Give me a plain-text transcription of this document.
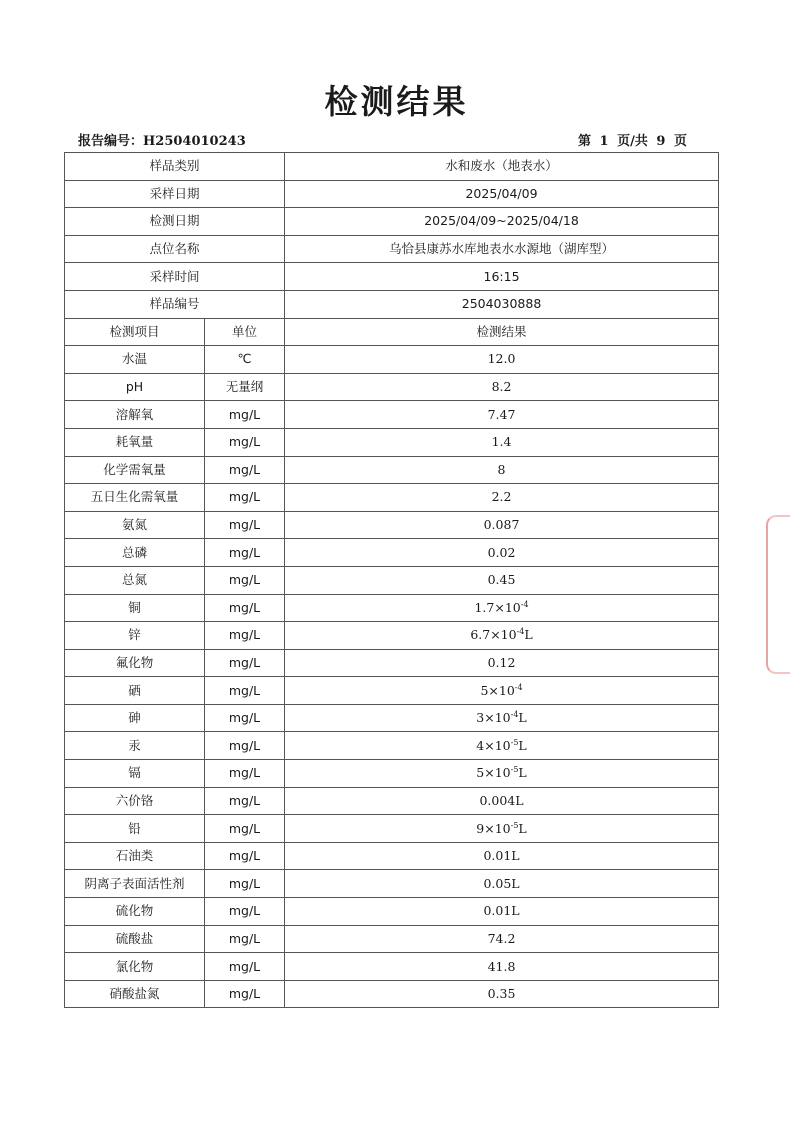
检测结果
报告编号：H2504010243	第 1 页/共 9 页
样品类别		水和废水（地表水）
采样日期		2025/04/09
检测日期		2025/04/09~2025/04/18
点位名称		乌恰县康苏水库地表水水源地（湖库型）
采样时间		16:15
样品编号		2504030888
检测项目	单位	检测结果
水温	℃	12.0
pH	无量纲	8.2
溶解氧	mg/L	7.47
耗氧量	mg/L	1.4
化学需氧量	mg/L	8
五日生化需氧量	mg/L	2.2
氨氮	mg/L	0.087
总磷	mg/L	0.02
总氮	mg/L	0.45
铜	mg/L	$1.7\times 10^{-4}$
锌	mg/L	$6.7\times 10^{-4}L$
氟化物	mg/L	0.12
硒	mg/L	$5\times 10^{-4}$
砷	mg/L	$3\times 10^{-4}L$
汞	mg/L	$4\times 10^{-5}L$
镉	mg/L	$5\times 10^{-5}L$
六价铬	mg/L	0.004L
铅	mg/L	$9\times 10^{-5}L$
石油类	mg/L	0.01L
阴离子表面活性剂	mg/L	0.05L
硫化物	mg/L	0.01L
硫酸盐	mg/L	74.2
氯化物	mg/L	41.8
硝酸盐氮	mg/L	0.35
